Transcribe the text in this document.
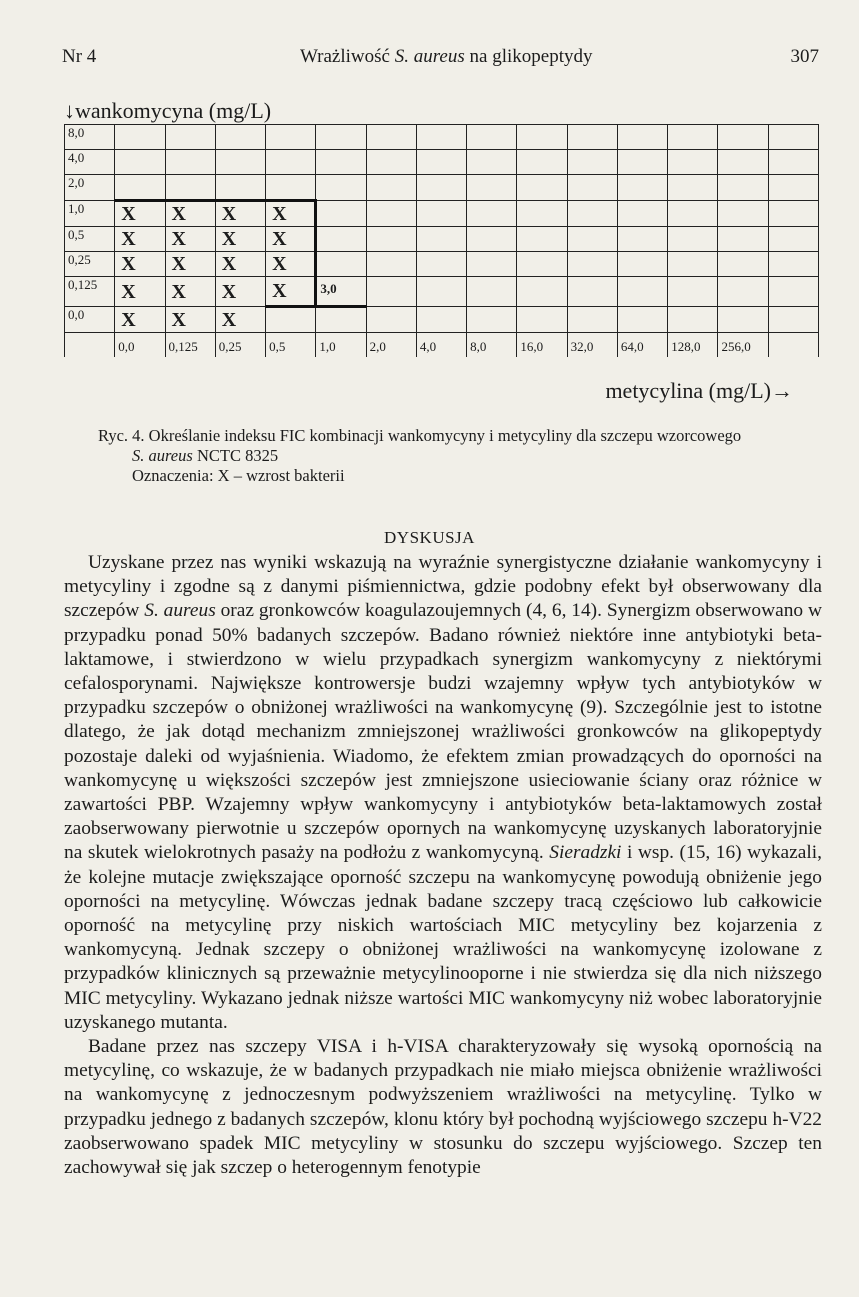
Nr 4	Wrażliwość S. aureus na glikopeptydy	307
↓wankomycyna (mg/L)
8,0														
4,0														
2,0														
1,0	X	X	X	X										
0,5	X	X	X	X										
0,25	X	X	X	X										
0,125	X	X	X	X	3,0									
0,0	X	X	X											
	0,0	0,125	0,25	0,5	1,0	2,0	4,0	8,0	16,0	32,0	64,0	128,0	256,0	
metycylina (mg/L)→
Ryc. 4. Określanie indeksu FIC kombinacji wankomycyny i metycyliny dla szczepu wzorcowego
S. aureus NCTC 8325
Oznaczenia: X – wzrost bakterii
DYSKUSJA

Uzyskane przez nas wyniki wskazują na wyraźnie synergistyczne działanie wankomycyny i metycyliny i zgodne są z danymi piśmiennictwa, gdzie podobny efekt był obserwowany dla szczepów S. aureus oraz gronkowców koagulazoujemnych (4, 6, 14). Synergizm obserwowano w przypadku ponad 50% badanych szczepów. Badano również niektóre inne antybiotyki beta-laktamowe, i stwierdzono w wielu przypadkach synergizm wankomycyny z niektórymi cefalosporynami. Największe kontrowersje budzi wzajemny wpływ tych antybiotyków w przypadku szczepów o obniżonej wrażliwości na wankomycynę (9). Szczególnie jest to istotne dlatego, że jak dotąd mechanizm zmniejszonej wrażliwości gronkowców na glikopeptydy pozostaje daleki od wyjaśnienia. Wiadomo, że efektem zmian prowadzących do oporności na wankomycynę u większości szczepów jest zmniejszone usieciowanie ściany oraz różnice w zawartości PBP. Wzajemny wpływ wankomycyny i antybiotyków beta-laktamowych został zaobserwowany pierwotnie u szczepów opornych na wankomycynę uzyskanych laboratoryjnie na skutek wielokrotnych pasaży na podłożu z wankomycyną. Sieradzki i wsp. (15, 16) wykazali, że kolejne mutacje zwiększające oporność szczepu na wankomycynę powodują obniżenie jego oporności na metycylinę. Wówczas jednak badane szczepy tracą częściowo lub całkowicie oporność na metycylinę przy niskich wartościach MIC metycyliny bez kojarzenia z wankomycyną. Jednak szczepy o obniżonej wrażliwości na wankomycynę izolowane z przypadków klinicznych są przeważnie metycylinooporne i nie stwierdza się dla nich niższego MIC metycyliny. Wykazano jednak niższe wartości MIC wankomycyny niż wobec laboratoryjnie uzyskanego mutanta.

Badane przez nas szczepy VISA i h-VISA charakteryzowały się wysoką opornością na metycylinę, co wskazuje, że w badanych przypadkach nie miało miejsca obniżenie wrażliwości na wankomycynę z jednoczesnym podwyższeniem wrażliwości na metycylinę. Tylko w przypadku jednego z badanych szczepów, klonu który był pochodną wyjściowego szczepu h-V22 zaobserwowano spadek MIC metycyliny w stosunku do szczepu wyjściowego. Szczep ten zachowywał się jak szczep o heterogennym fenotypie
